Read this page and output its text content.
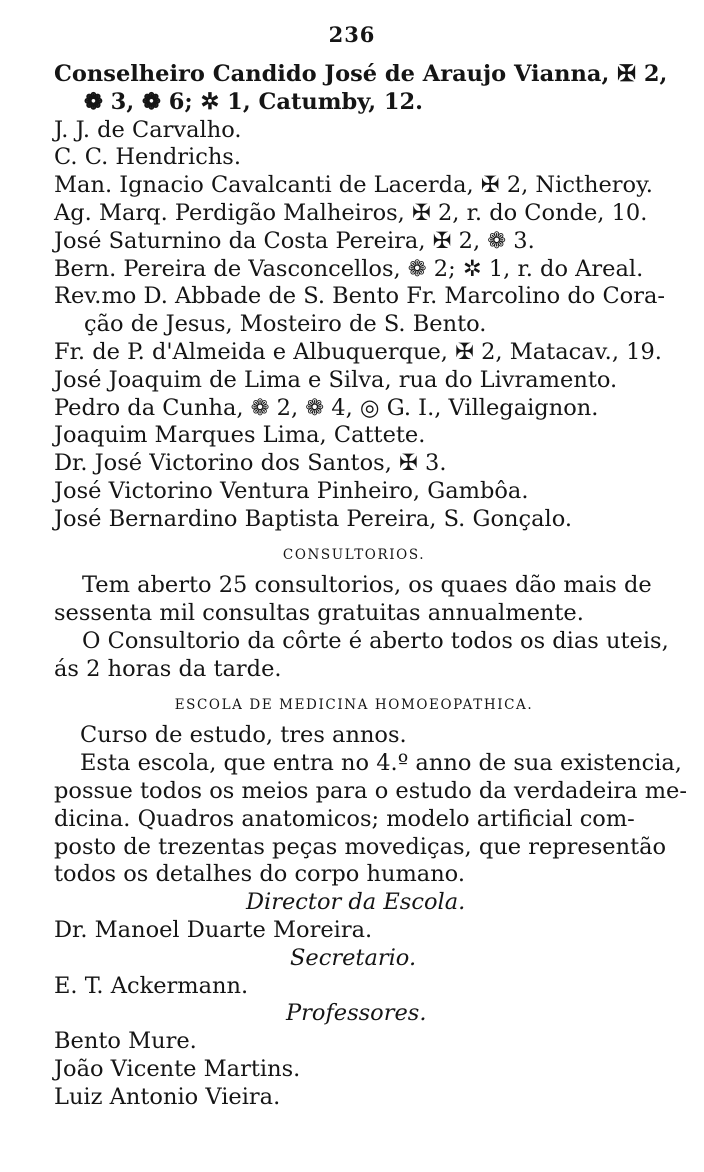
236

Conselheiro Candido José de Araujo Vianna, ✠ 2,

❁ 3, ❁ 6; ✲ 1, Catumby, 12.

J. J. de Carvalho.

C. C. Hendrichs.

Man. Ignacio Cavalcanti de Lacerda, ✠ 2, Nictheroy.

Ag. Marq. Perdigão Malheiros, ✠ 2, r. do Conde, 10.

José Saturnino da Costa Pereira, ✠ 2, ❁ 3.

Bern. Pereira de Vasconcellos, ❁ 2; ✲ 1, r. do Areal.

Rev.mo D. Abbade de S. Bento Fr. Marcolino do Cora-

ção de Jesus, Mosteiro de S. Bento.

Fr. de P. d'Almeida e Albuquerque, ✠ 2, Matacav., 19.

José Joaquim de Lima e Silva, rua do Livramento.

Pedro da Cunha, ❁ 2, ❁ 4, ◎ G. I., Villegaignon.

Joaquim Marques Lima, Cattete.

Dr. José Victorino dos Santos, ✠ 3.

José Victorino Ventura Pinheiro, Gambôa.

José Bernardino Baptista Pereira, S. Gonçalo.

CONSULTORIOS.

Tem aberto 25 consultorios, os quaes dão mais de

sessenta mil consultas gratuitas annualmente.

O Consultorio da côrte é aberto todos os dias uteis,

ás 2 horas da tarde.

ESCOLA DE MEDICINA HOMOEOPATHICA.

Curso de estudo, tres annos.

Esta escola, que entra no 4.º anno de sua existencia,

possue todos os meios para o estudo da verdadeira me-

dicina. Quadros anatomicos; modelo artificial com-

posto de trezentas peças movediças, que representão

todos os detalhes do corpo humano.

Director da Escola.

Dr. Manoel Duarte Moreira.

Secretario.

E. T. Ackermann.

Professores.

Bento Mure.

João Vicente Martins.

Luiz Antonio Vieira.
